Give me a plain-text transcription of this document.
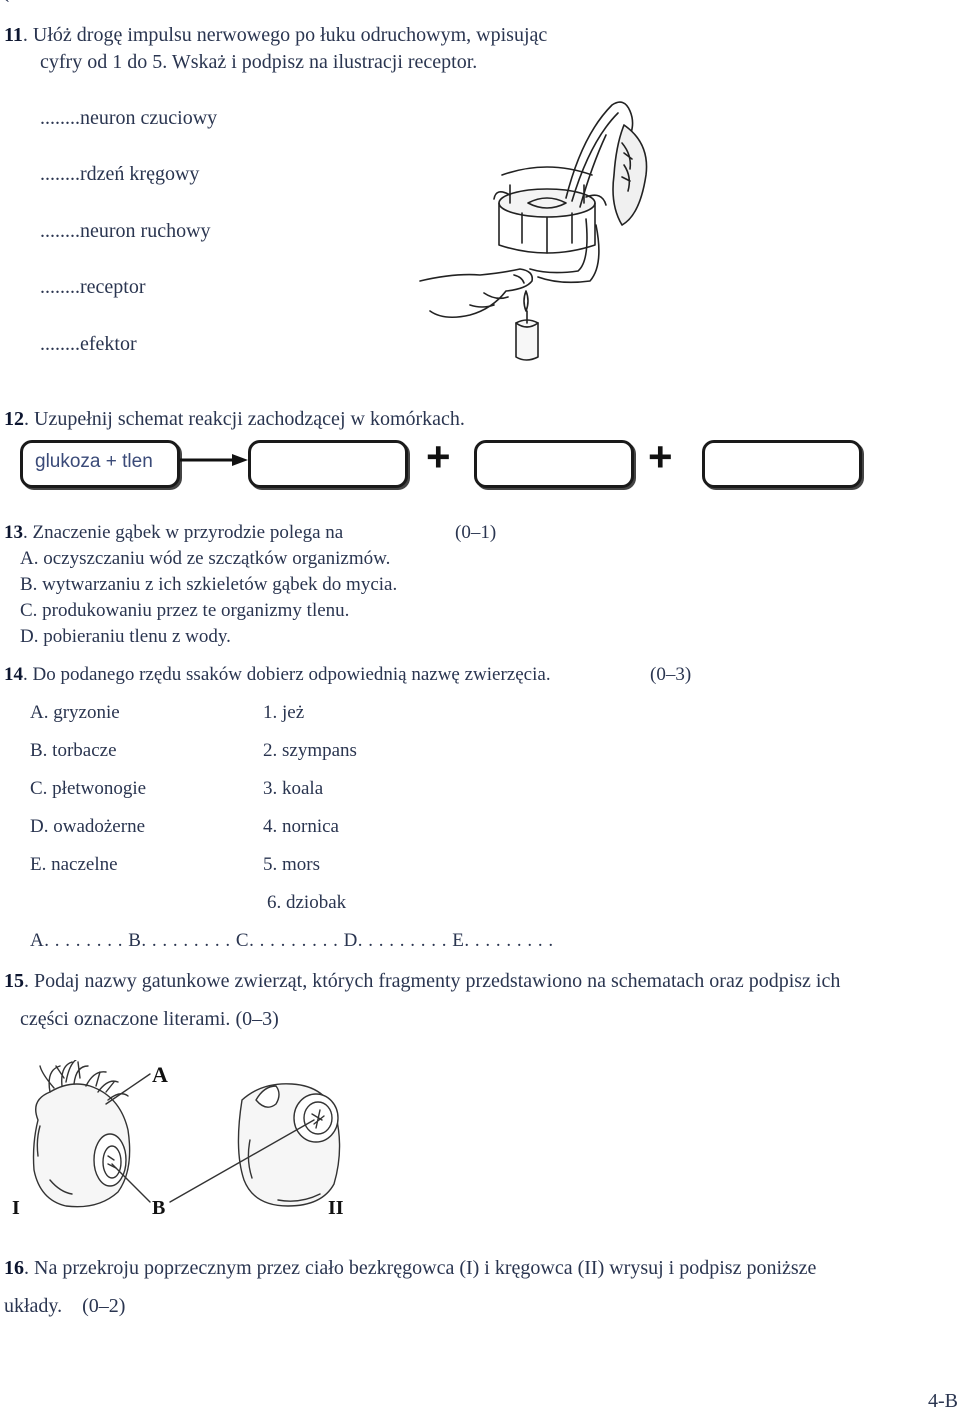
`
11. Ułóż drogę impulsu nerwowego po łuku odruchowym, wpisując
cyfry od 1 do 5. Wskaż i podpisz na ilustracji receptor.
........neuron czuciowy
........rdzeń kręgowy
........neuron ruchowy
........receptor
........efektor
12. Uzupełnij schemat reakcji zachodzącej w komórkach.
glukoza + tlen	+	+
13. Znaczenie gąbek w przyrodzie polega na	(0–1)
A. oczyszczaniu wód ze szczątków organizmów.
B. wytwarzaniu z ich szkieletów gąbek do mycia.
C. produkowaniu przez te organizmy tlenu.
D. pobieraniu tlenu z wody.
14. Do podanego rzędu ssaków dobierz odpowiednią nazwę zwierzęcia.	(0–3)
A. gryzonie
B. torbacze
C. płetwonogie
D. owadożerne
E. naczelne
1. jeż
2. szympans
3. koala
4. nornica
5. mors
6. dziobak
A. . . . . . . . B. . . . . . . . . C. . . . . . . . . D. . . . . . . . . E. . . . . . . . .
15. Podaj nazwy gatunkowe zwierząt, których fragmenty przedstawiono na schematach oraz podpisz ich
części oznaczone literami. (0–3)
A
I	B	II
16. Na przekroju poprzecznym przez ciało bezkręgowca (I) i kręgowca (II) wrysuj i podpisz poniższe
układy. (0–2)
4-B
